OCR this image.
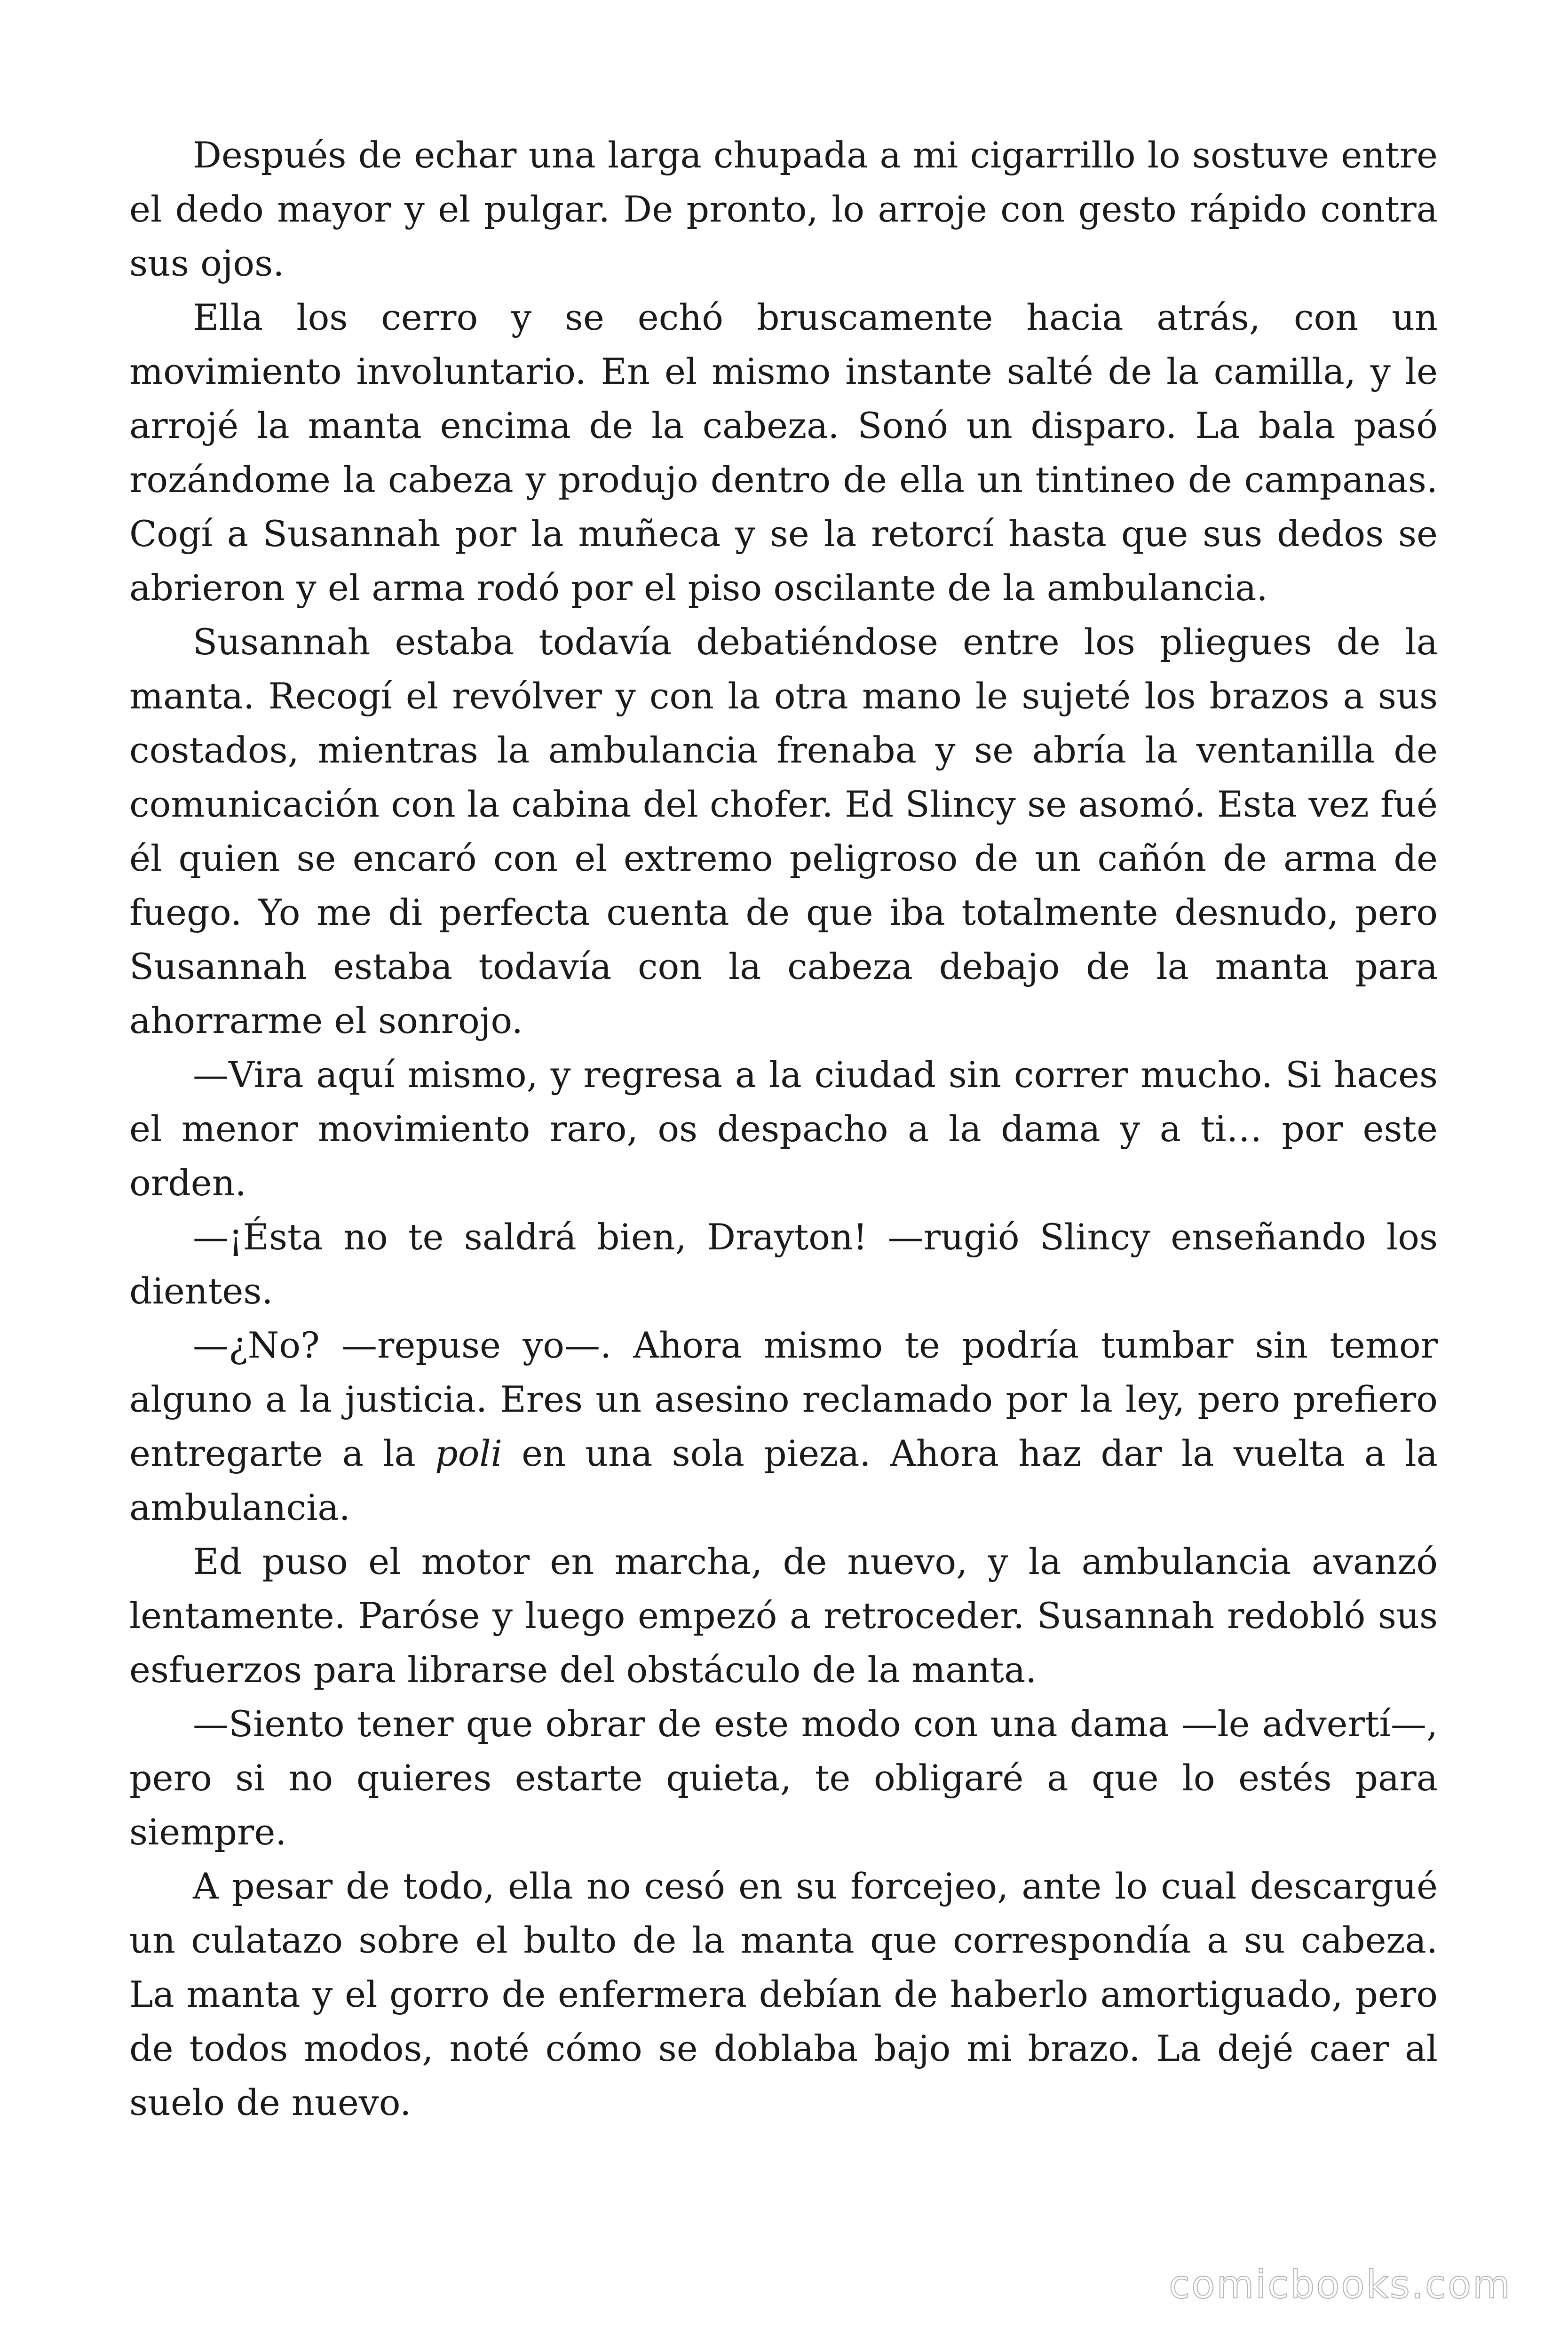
Después de echar una larga chupada a mi cigarrillo lo sostuve entre el dedo mayor y el pulgar. De pronto, lo arroje con gesto rápido contra sus ojos.

Ella los cerro y se echó bruscamente hacia atrás, con un movimiento involuntario. En el mismo instante salté de la camilla, y le arrojé la manta encima de la cabeza. Sonó un disparo. La bala pasó rozándome la cabeza y produjo dentro de ella un tintineo de campanas. Cogí a Susannah por la muñeca y se la retorcí hasta que sus dedos se abrieron y el arma rodó por el piso oscilante de la ambulancia.

Susannah estaba todavía debatiéndose entre los pliegues de la manta. Recogí el revólver y con la otra mano le sujeté los brazos a sus costados, mientras la ambulancia frenaba y se abría la ventanilla de comunicación con la cabina del chofer. Ed Slincy se asomó. Esta vez fué él quien se encaró con el extremo peligroso de un cañón de arma de fuego. Yo me di perfecta cuenta de que iba totalmente desnudo, pero Susannah estaba todavía con la cabeza debajo de la manta para ahorrarme el sonrojo.

—Vira aquí mismo, y regresa a la ciudad sin correr mucho. Si haces el menor movimiento raro, os despacho a la dama y a ti… por este orden.

—¡Ésta no te saldrá bien, Drayton! —rugió Slincy enseñando los dientes.

—¿No? —repuse yo—. Ahora mismo te podría tumbar sin temor alguno a la justicia. Eres un asesino reclamado por la ley, pero prefiero entregarte a la poli en una sola pieza. Ahora haz dar la vuelta a la ambulancia.

Ed puso el motor en marcha, de nuevo, y la ambulancia avanzó lentamente. Paróse y luego empezó a retroceder. Susannah redobló sus esfuerzos para librarse del obstáculo de la manta.

—Siento tener que obrar de este modo con una dama —le advertí—, pero si no quieres estarte quieta, te obligaré a que lo estés para siempre.

A pesar de todo, ella no cesó en su forcejeo, ante lo cual descargué un culatazo sobre el bulto de la manta que correspondía a su cabeza. La manta y el gorro de enfermera debían de haberlo amortiguado, pero de todos modos, noté cómo se doblaba bajo mi brazo. La dejé caer al suelo de nuevo.

comicbooks.com
